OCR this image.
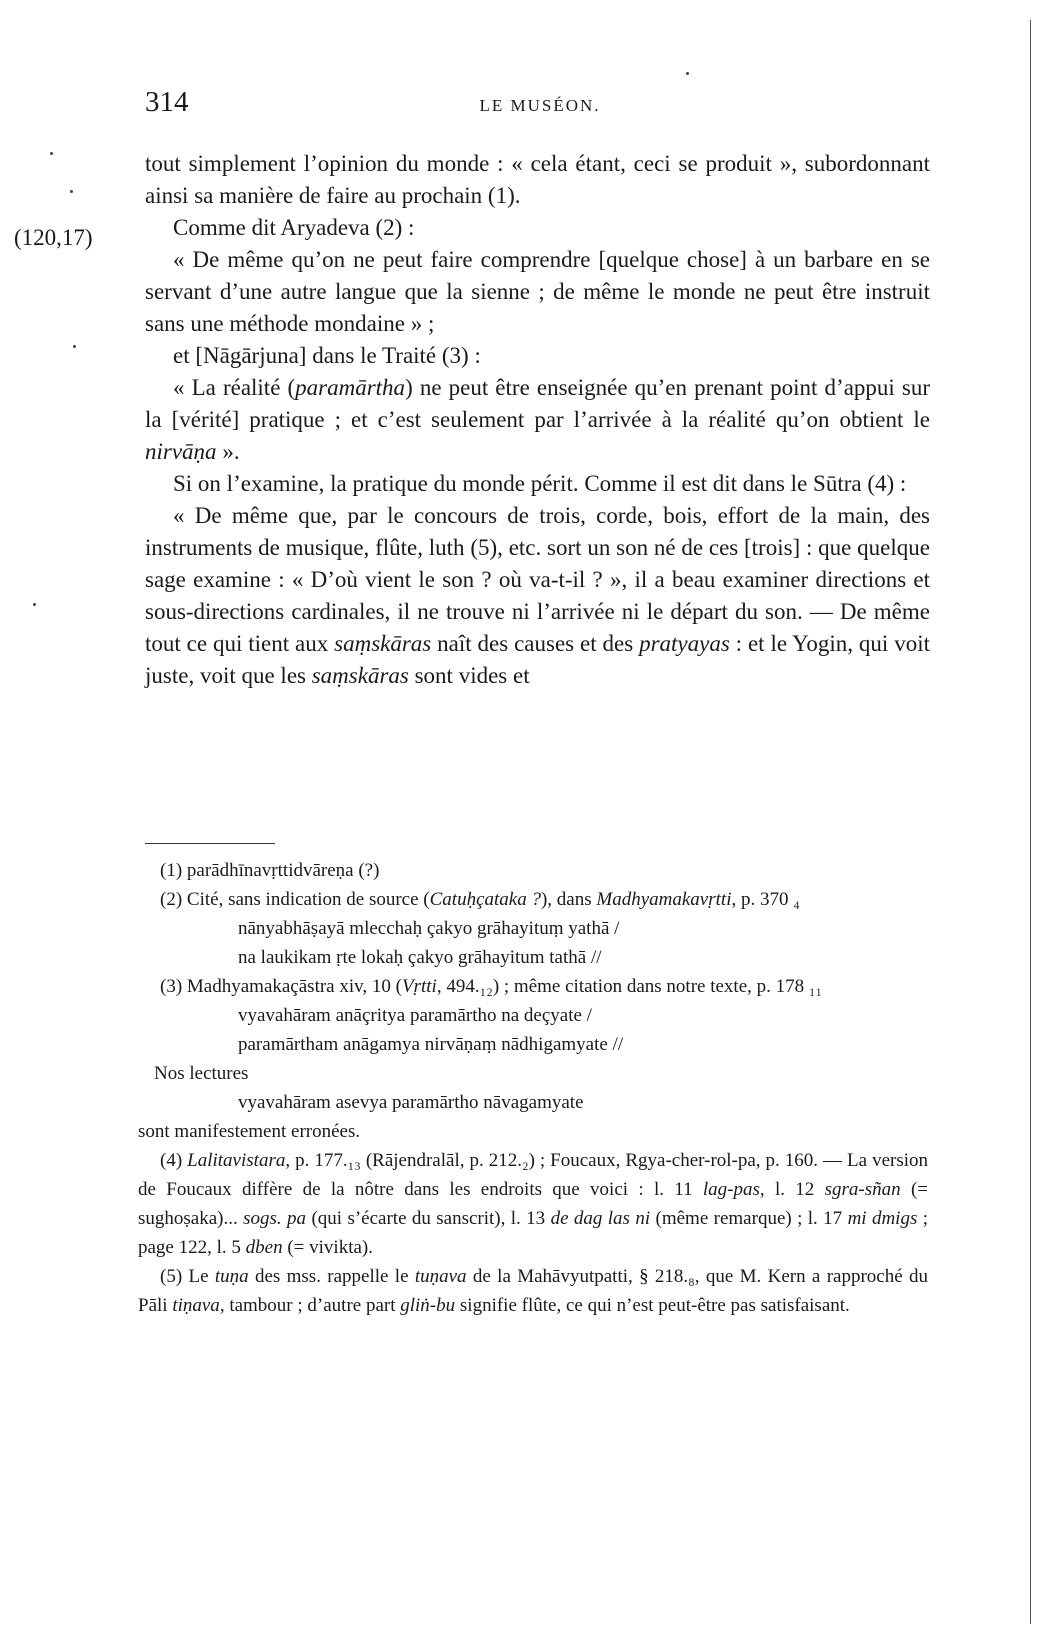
314	LE MUSÉON.
(120,17)

tout simplement l’opinion du monde : « cela étant, ceci se produit », subordonnant ainsi sa manière de faire au prochain (1).

Comme dit Aryadeva (2) :

« De même qu’on ne peut faire comprendre [quelque chose] à un barbare en se servant d’une autre langue que la sienne ; de même le monde ne peut être instruit sans une méthode mondaine » ;

et [Nāgārjuna] dans le Traité (3) :

« La réalité (paramārtha) ne peut être enseignée qu’en prenant point d’appui sur la [vérité] pratique ; et c’est seulement par l’arrivée à la réalité qu’on obtient le nirvāṇa ».

Si on l’examine, la pratique du monde périt. Comme il est dit dans le Sūtra (4) :

« De même que, par le concours de trois, corde, bois, effort de la main, des instruments de musique, flûte, luth (5), etc. sort un son né de ces [trois] : que quelque sage examine : « D’où vient le son ? où va-t-il ? », il a beau examiner directions et sous-directions cardinales, il ne trouve ni l’arrivée ni le départ du son. — De même tout ce qui tient aux saṃskāras naît des causes et des pratyayas : et le Yogin, qui voit juste, voit que les saṃskāras sont vides et

(1) parādhīnavṛttidvāreṇa (?)

(2) Cité, sans indication de source (Catuḥçataka ?), dans Madhyamakavṛtti, p. 370 ₄

nānyabhāṣayā mlecchaḥ çakyo grāhayituṃ yathā /

na laukikam ṛte lokaḥ çakyo grāhayitum tathā //

(3) Madhyamakaçāstra xiv, 10 (Vṛtti, 494.₁₂) ; même citation dans notre texte, p. 178 ₁₁

vyavahāram anāçritya paramārtho na deçyate /

paramārtham anāgamya nirvāṇaṃ nādhigamyate //

Nos lectures

vyavahāram asevya paramārtho nāvagamyate

sont manifestement erronées.

(4) Lalitavistara, p. 177.₁₃ (Rājendralāl, p. 212.₂) ; Foucaux, Rgya-cher-rol-pa, p. 160. — La version de Foucaux diffère de la nôtre dans les endroits que voici : l. 11 lag-pas, l. 12 sgra-sñan (= sughoṣaka)... sogs. pa (qui s’écarte du sanscrit), l. 13 de dag las ni (même remarque) ; l. 17 mi dmigs ; page 122, l. 5 dben (= vivikta).

(5) Le tuṇa des mss. rappelle le tuṇava de la Mahāvyutpatti, § 218.₈, que M. Kern a rapproché du Pāli tiṇava, tambour ; d’autre part gliṅ-bu signifie flûte, ce qui n’est peut-être pas satisfaisant.
